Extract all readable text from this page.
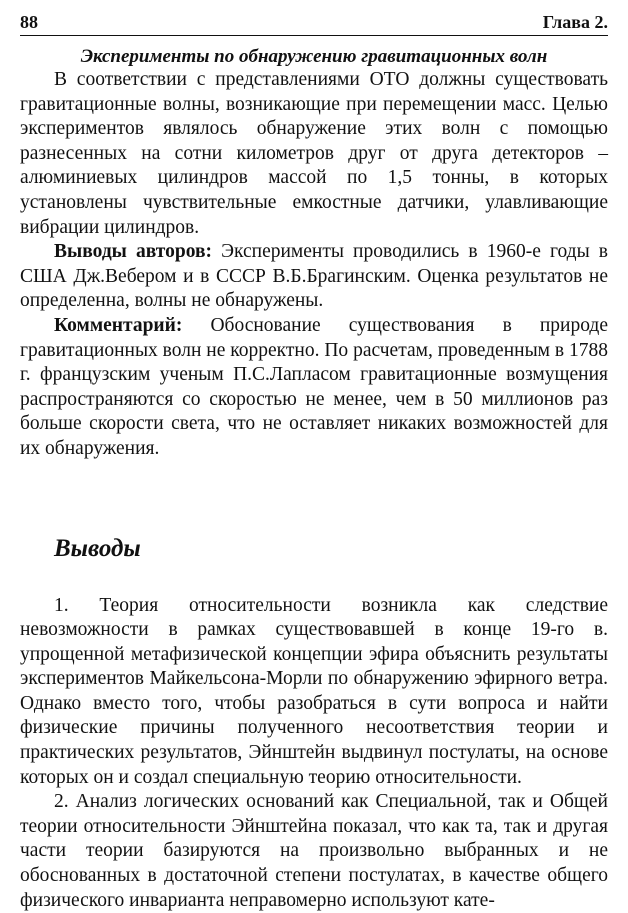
88	Глава 2.
Эксперименты по обнаружению гравитационных волн

В соответствии с представлениями ОТО должны существовать гравитационные волны, возникающие при перемещении масс. Целью экспериментов являлось обнаружение этих волн с помощью разнесенных на сотни километров друг от друга детекторов – алюминиевых цилиндров массой по 1,5 тонны, в которых установлены чувствительные емкостные датчики, улавливающие вибрации цилиндров.

Выводы авторов: Эксперименты проводились в 1960-е годы в США Дж.Вебером и в СССР В.Б.Брагинским. Оценка результатов не определенна, волны не обнаружены.

Комментарий: Обоснование существования в природе гравитационных волн не корректно. По расчетам, проведенным в 1788 г. французским ученым П.С.Лапласом гравитационные возмущения распространяются со скоростью не менее, чем в 50 миллионов раз больше скорости света, что не оставляет никаких возможностей для их обнаружения.

Выводы

1. Теория относительности возникла как следствие невозможности в рамках существовавшей в конце 19-го в. упрощенной метафизической концепции эфира объяснить результаты экспериментов Майкельсона-Морли по обнаружению эфирного ветра. Однако вместо того, чтобы разобраться в сути вопроса и найти физические причины полученного несоответствия теории и практических результатов, Эйнштейн выдвинул постулаты, на основе которых он и создал специальную теорию относительности.

2. Анализ логических оснований как Специальной, так и Общей теории относительности Эйнштейна показал, что как та, так и другая части теории базируются на произвольно выбранных и не обоснованных в достаточной степени постулатах, в качестве общего физического инварианта неправомерно используют кате-
